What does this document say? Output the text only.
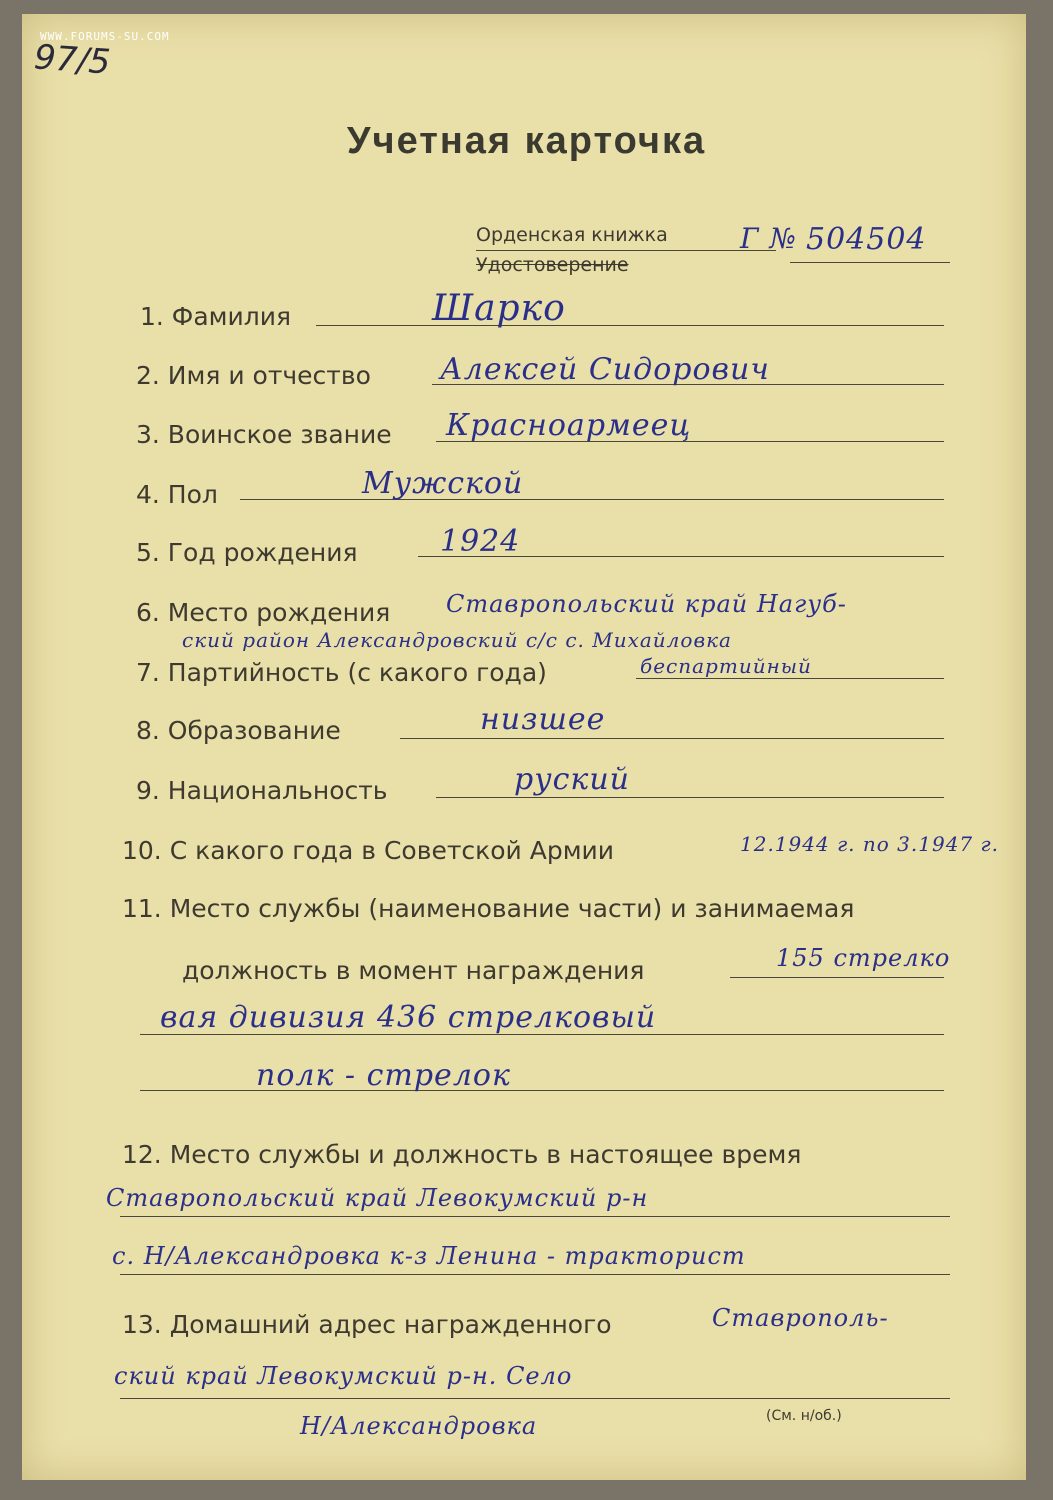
WWW.FORUMS-SU.COM
97/5
Учетная карточка
Орденская книжка
Удостоверение
Г № 504504
1. Фамилия	Шарко
2. Имя и отчество Алексей Сидорович
3. Воинское звание Красноармеец
4. Пол	Мужской
5. Год рождения	1924
6. Место рождения Ставропольский край Нагуб-
ский район Александровский с/с с. Михайловка
7. Партийность (с какого года)	беспартийный
8. Образование	низшее
9. Национальность	руский
10. С какого года в Советской Армии	12.1944 г. по 3.1947 г.
11. Место службы (наименование части) и занимаемая
должность в момент награждения	155 стрелко
вая дивизия 436 стрелковый
полк - стрелок
12. Место службы и должность в настоящее время
Ставропольский край Левокумский р-н
с. Н/Александровка к-з Ленина - тракторист
13. Домашний адрес награжденного	Ставрополь-
ский край Левокумский р-н. Село
Н/Александровка	(См. н/об.)
